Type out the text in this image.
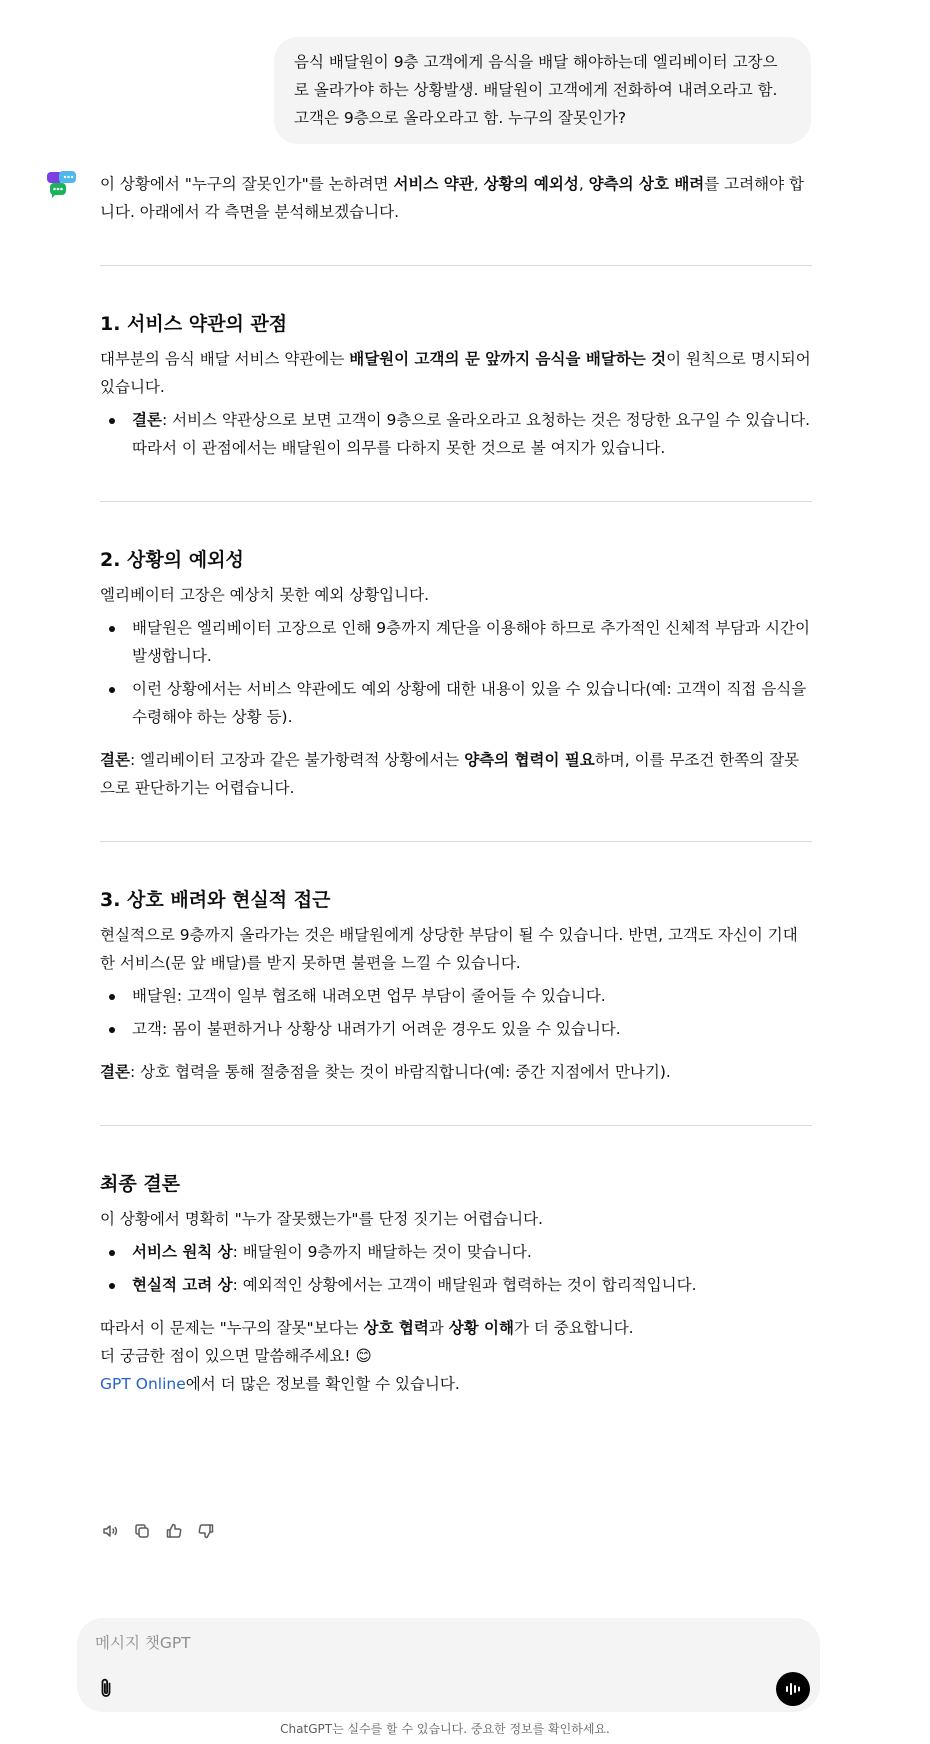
음식 배달원이 9층 고객에게 음식을 배달 해야하는데 엘리베이터 고장으로 올라가야 하는 상황발생. 배달원이 고객에게 전화하여 내려오라고 함. 고객은 9층으로 올라오라고 함. 누구의 잘못인가?

이 상황에서 "누구의 잘못인가"를 논하려면 서비스 약관, 상황의 예외성, 양측의 상호 배려를 고려해야 합니다. 아래에서 각 측면을 분석해보겠습니다.

1. 서비스 약관의 관점

대부분의 음식 배달 서비스 약관에는 배달원이 고객의 문 앞까지 음식을 배달하는 것이 원칙으로 명시되어 있습니다.

결론: 서비스 약관상으로 보면 고객이 9층으로 올라오라고 요청하는 것은 정당한 요구일 수 있습니다. 따라서 이 관점에서는 배달원이 의무를 다하지 못한 것으로 볼 여지가 있습니다.
2. 상황의 예외성

엘리베이터 고장은 예상치 못한 예외 상황입니다.

배달원은 엘리베이터 고장으로 인해 9층까지 계단을 이용해야 하므로 추가적인 신체적 부담과 시간이 발생합니다.
이런 상황에서는 서비스 약관에도 예외 상황에 대한 내용이 있을 수 있습니다(예: 고객이 직접 음식을 수령해야 하는 상황 등).

결론: 엘리베이터 고장과 같은 불가항력적 상황에서는 양측의 협력이 필요하며, 이를 무조건 한쪽의 잘못으로 판단하기는 어렵습니다.

3. 상호 배려와 현실적 접근

현실적으로 9층까지 올라가는 것은 배달원에게 상당한 부담이 될 수 있습니다. 반면, 고객도 자신이 기대한 서비스(문 앞 배달)를 받지 못하면 불편을 느낄 수 있습니다.

배달원: 고객이 일부 협조해 내려오면 업무 부담이 줄어들 수 있습니다.
고객: 몸이 불편하거나 상황상 내려가기 어려운 경우도 있을 수 있습니다.

결론: 상호 협력을 통해 절충점을 찾는 것이 바람직합니다(예: 중간 지점에서 만나기).

최종 결론

이 상황에서 명확히 "누가 잘못했는가"를 단정 짓기는 어렵습니다.

서비스 원칙 상: 배달원이 9층까지 배달하는 것이 맞습니다.
현실적 고려 상: 예외적인 상황에서는 고객이 배달원과 협력하는 것이 합리적입니다.

따라서 이 문제는 "누구의 잘못"보다는 상호 협력과 상황 이해가 더 중요합니다.

더 궁금한 점이 있으면 말씀해주세요! 😊

GPT Online에서 더 많은 정보를 확인할 수 있습니다.

메시지 챗GPT
ChatGPT는 실수를 할 수 있습니다. 중요한 정보를 확인하세요.
